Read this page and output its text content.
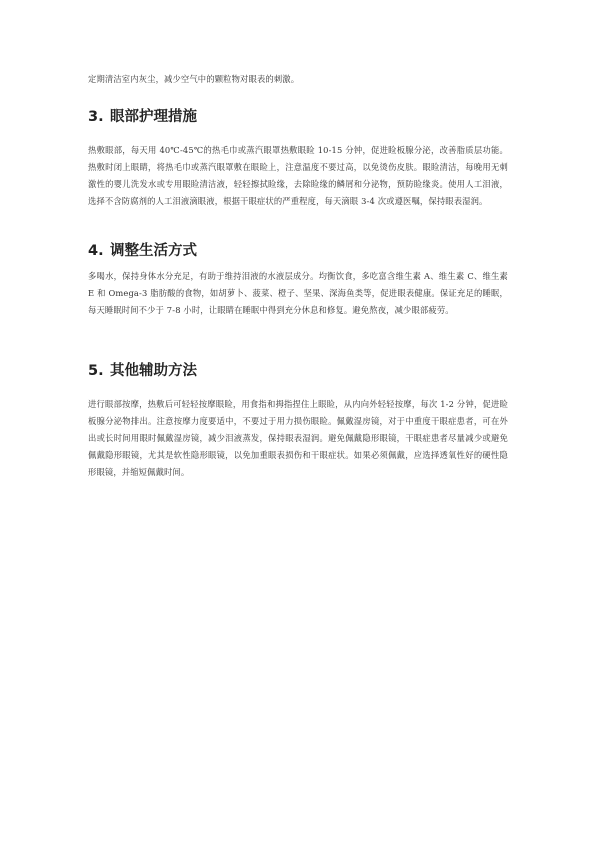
定期清洁室内灰尘，减少空气中的颗粒物对眼表的刺激。

3. 眼部护理措施

热敷眼部，每天用 40℃-45℃的热毛巾或蒸汽眼罩热敷眼睑 10-15 分钟，促进睑板腺分泌，改善脂质层功能。热敷时闭上眼睛，将热毛巾或蒸汽眼罩敷在眼睑上，注意温度不要过高，以免烫伤皮肤。眼睑清洁，每晚用无刺激性的婴儿洗发水或专用眼睑清洁液，轻轻擦拭睑缘，去除睑缘的鳞屑和分泌物，预防睑缘炎。使用人工泪液，选择不含防腐剂的人工泪液滴眼液，根据干眼症状的严重程度，每天滴眼 3-4 次或遵医嘱，保持眼表湿润。

4. 调整生活方式

多喝水，保持身体水分充足，有助于维持泪液的水液层成分。均衡饮食，多吃富含维生素 A、维生素 C、维生素 E 和 Omega-3 脂肪酸的食物，如胡萝卜、菠菜、橙子、坚果、深海鱼类等，促进眼表健康。保证充足的睡眠，每天睡眠时间不少于 7-8 小时，让眼睛在睡眠中得到充分休息和修复。避免熬夜，减少眼部疲劳。

5. 其他辅助方法

进行眼部按摩，热敷后可轻轻按摩眼睑，用食指和拇指捏住上眼睑，从内向外轻轻按摩，每次 1-2 分钟，促进睑板腺分泌物排出。注意按摩力度要适中，不要过于用力损伤眼睑。佩戴湿房镜，对于中重度干眼症患者，可在外出或长时间用眼时佩戴湿房镜，减少泪液蒸发，保持眼表湿润。避免佩戴隐形眼镜，干眼症患者尽量减少或避免佩戴隐形眼镜，尤其是软性隐形眼镜，以免加重眼表损伤和干眼症状。如果必须佩戴，应选择透氧性好的硬性隐形眼镜，并缩短佩戴时间。
